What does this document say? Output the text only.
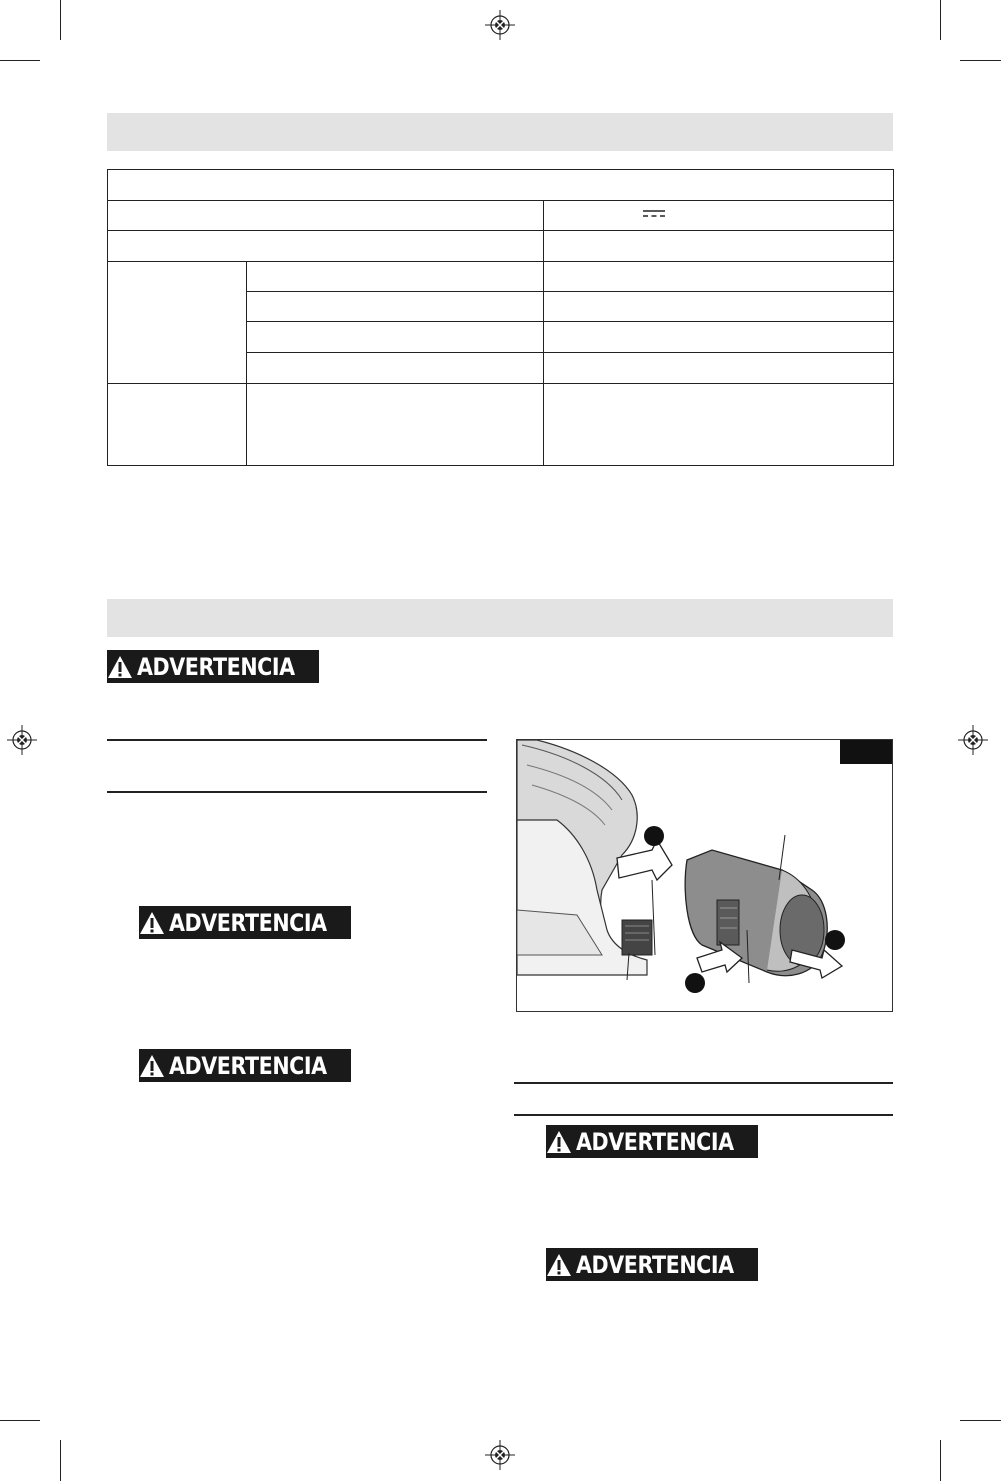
ADVERTENCIA
ADVERTENCIA
ADVERTENCIA
ADVERTENCIA
ADVERTENCIA
